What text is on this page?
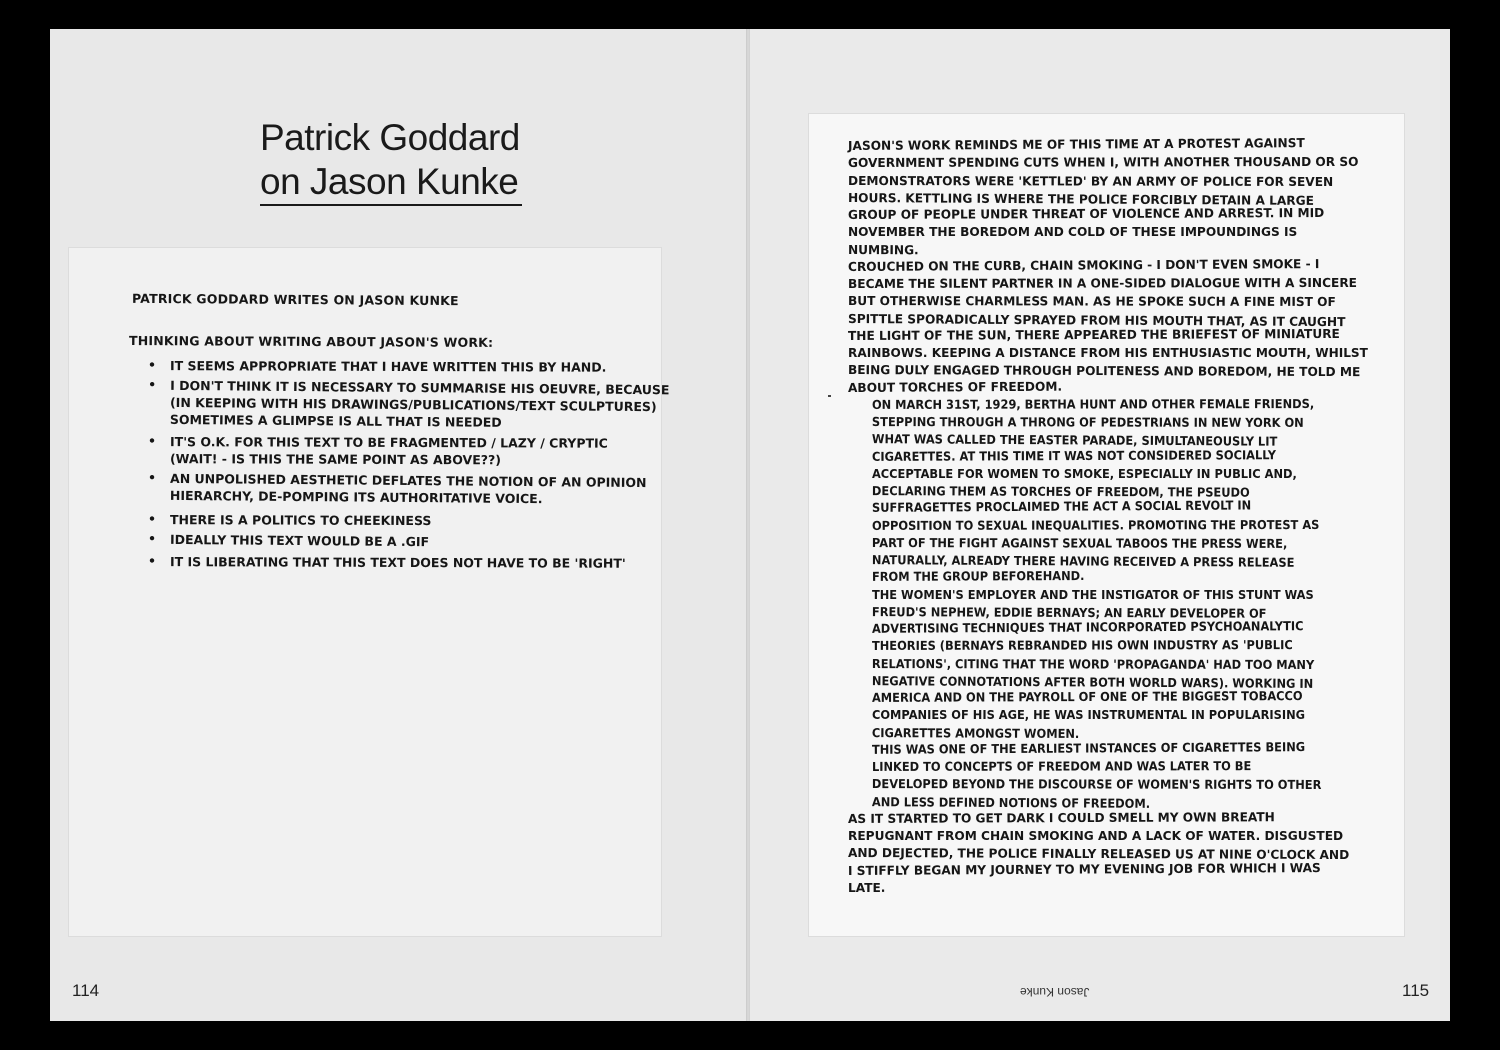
Patrick Goddard
on Jason Kunke
PATRICK GODDARD WRITES ON JASON KUNKE
THINKING ABOUT WRITING ABOUT JASON'S WORK:
• IT SEEMS APPROPRIATE THAT I HAVE WRITTEN THIS BY HAND.
• I DON'T THINK IT IS NECESSARY TO SUMMARISE HIS OEUVRE, BECAUSE
(IN KEEPING WITH HIS DRAWINGS/PUBLICATIONS/TEXT SCULPTURES)
SOMETIMES A GLIMPSE IS ALL THAT IS NEEDED
• IT'S O.K. FOR THIS TEXT TO BE FRAGMENTED / LAZY / CRYPTIC
(WAIT! - IS THIS THE SAME POINT AS ABOVE??)
• AN UNPOLISHED AESTHETIC DEFLATES THE NOTION OF AN OPINION
HIERARCHY, DE-POMPING ITS AUTHORITATIVE VOICE.
• THERE IS A POLITICS TO CHEEKINESS
• IDEALLY THIS TEXT WOULD BE A .GIF
• IT IS LIBERATING THAT THIS TEXT DOES NOT HAVE TO BE 'RIGHT'
JASON'S WORK REMINDS ME OF THIS TIME AT A PROTEST AGAINST
GOVERNMENT SPENDING CUTS WHEN I, WITH ANOTHER THOUSAND OR SO
DEMONSTRATORS WERE 'KETTLED' BY AN ARMY OF POLICE FOR SEVEN
HOURS. KETTLING IS WHERE THE POLICE FORCIBLY DETAIN A LARGE
GROUP OF PEOPLE UNDER THREAT OF VIOLENCE AND ARREST. IN MID
NOVEMBER THE BOREDOM AND COLD OF THESE IMPOUNDINGS IS
NUMBING.
CROUCHED ON THE CURB, CHAIN SMOKING - I DON'T EVEN SMOKE - I
BECAME THE SILENT PARTNER IN A ONE-SIDED DIALOGUE WITH A SINCERE
BUT OTHERWISE CHARMLESS MAN. AS HE SPOKE SUCH A FINE MIST OF
SPITTLE SPORADICALLY SPRAYED FROM HIS MOUTH THAT, AS IT CAUGHT
THE LIGHT OF THE SUN, THERE APPEARED THE BRIEFEST OF MINIATURE
RAINBOWS. KEEPING A DISTANCE FROM HIS ENTHUSIASTIC MOUTH, WHILST
BEING DULY ENGAGED THROUGH POLITENESS AND BOREDOM, HE TOLD ME
ABOUT TORCHES OF FREEDOM.
ON MARCH 31ST, 1929, BERTHA HUNT AND OTHER FEMALE FRIENDS,
STEPPING THROUGH A THRONG OF PEDESTRIANS IN NEW YORK ON
WHAT WAS CALLED THE EASTER PARADE, SIMULTANEOUSLY LIT
CIGARETTES. AT THIS TIME IT WAS NOT CONSIDERED SOCIALLY
ACCEPTABLE FOR WOMEN TO SMOKE, ESPECIALLY IN PUBLIC AND,
DECLARING THEM AS TORCHES OF FREEDOM, THE PSEUDO
SUFFRAGETTES PROCLAIMED THE ACT A SOCIAL REVOLT IN
OPPOSITION TO SEXUAL INEQUALITIES. PROMOTING THE PROTEST AS
PART OF THE FIGHT AGAINST SEXUAL TABOOS THE PRESS WERE,
NATURALLY, ALREADY THERE HAVING RECEIVED A PRESS RELEASE
FROM THE GROUP BEFOREHAND.
THE WOMEN'S EMPLOYER AND THE INSTIGATOR OF THIS STUNT WAS
FREUD'S NEPHEW, EDDIE BERNAYS; AN EARLY DEVELOPER OF
ADVERTISING TECHNIQUES THAT INCORPORATED PSYCHOANALYTIC
THEORIES (BERNAYS REBRANDED HIS OWN INDUSTRY AS 'PUBLIC
RELATIONS', CITING THAT THE WORD 'PROPAGANDA' HAD TOO MANY
NEGATIVE CONNOTATIONS AFTER BOTH WORLD WARS). WORKING IN
AMERICA AND ON THE PAYROLL OF ONE OF THE BIGGEST TOBACCO
COMPANIES OF HIS AGE, HE WAS INSTRUMENTAL IN POPULARISING
CIGARETTES AMONGST WOMEN.
THIS WAS ONE OF THE EARLIEST INSTANCES OF CIGARETTES BEING
LINKED TO CONCEPTS OF FREEDOM AND WAS LATER TO BE
DEVELOPED BEYOND THE DISCOURSE OF WOMEN'S RIGHTS TO OTHER
AND LESS DEFINED NOTIONS OF FREEDOM.
AS IT STARTED TO GET DARK I COULD SMELL MY OWN BREATH
REPUGNANT FROM CHAIN SMOKING AND A LACK OF WATER. DISGUSTED
AND DEJECTED, THE POLICE FINALLY RELEASED US AT NINE O'CLOCK AND
I STIFFLY BEGAN MY JOURNEY TO MY EVENING JOB FOR WHICH I WAS
LATE.
114	Jason Kunke	115
